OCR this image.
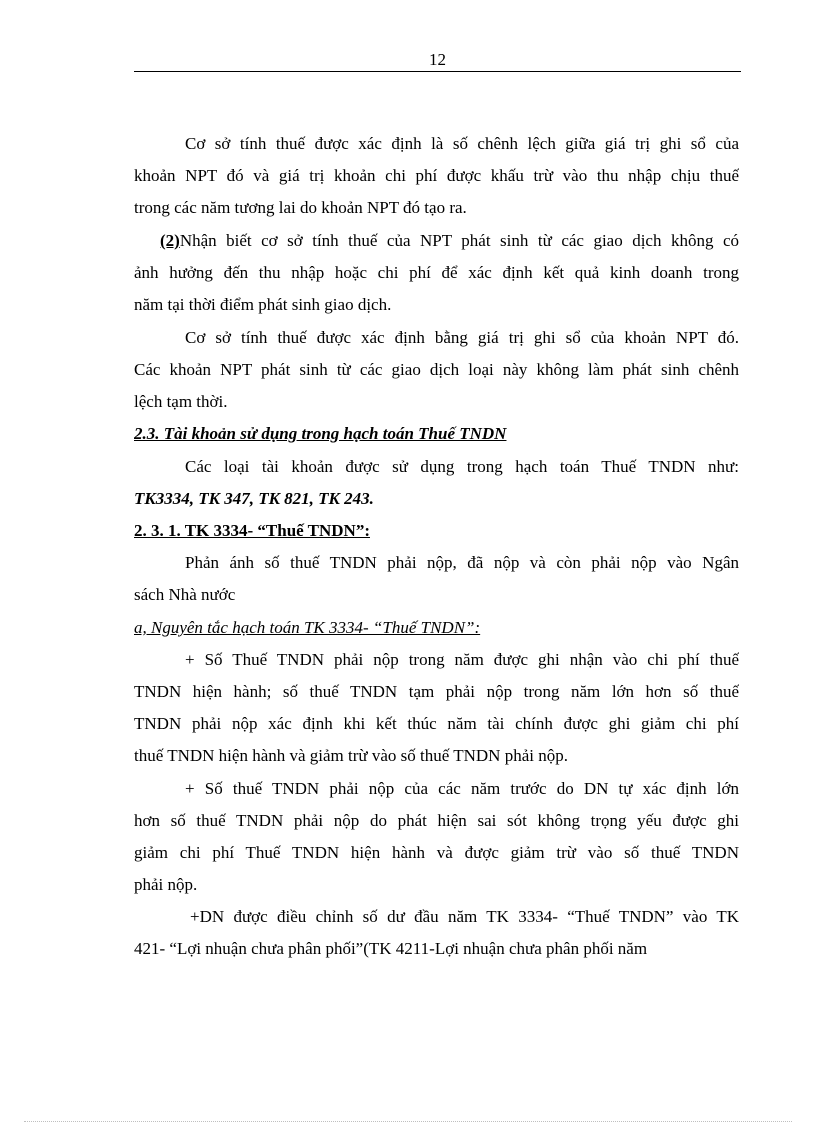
12
Cơ sở tính thuế được xác định là số chênh lệch giữa giá trị ghi sổ của
khoản NPT đó và giá trị khoản chi phí được khấu trừ vào thu nhập chịu thuế
trong các năm tương lai do khoản NPT đó tạo ra.
(2)Nhận biết cơ sở tính thuế của NPT phát sinh từ các giao dịch không có
ảnh hưởng đến thu nhập hoặc chi phí để xác định kết quả kinh doanh trong
năm tại thời điểm phát sinh giao dịch.
Cơ sở tính thuế được xác định bằng giá trị ghi sổ của khoản NPT đó.
Các khoản NPT phát sinh từ các giao dịch loại này không làm phát sinh chênh
lệch tạm thời.
2.3. Tài khoản sử dụng trong hạch toán Thuế TNDN
Các loại tài khoản được sử dụng trong hạch toán Thuế TNDN như:
TK3334, TK 347, TK 821, TK 243.
2. 3. 1. TK 3334- “Thuế TNDN”:
Phản ánh số thuế TNDN phải nộp, đã nộp và còn phải nộp vào Ngân
sách Nhà nước
a, Nguyên tắc hạch toán TK 3334- “Thuế TNDN”:
+ Số Thuế TNDN phải nộp trong năm được ghi nhận vào chi phí thuế
TNDN hiện hành; số thuế TNDN tạm phải nộp trong năm lớn hơn số thuế
TNDN phải nộp xác định khi kết thúc năm tài chính được ghi giảm chi phí
thuế TNDN hiện hành và giảm trừ vào số thuế TNDN phải nộp.
+ Số thuế TNDN phải nộp của các năm trước do DN tự xác định lớn
hơn số thuế TNDN phải nộp do phát hiện sai sót không trọng yếu được ghi
giảm chi phí Thuế TNDN hiện hành và được giảm trừ vào số thuế TNDN
phải nộp.
+DN được điều chỉnh số dư đầu năm TK 3334- “Thuế TNDN” vào TK
421- “Lợi nhuận chưa phân phối”(TK 4211-Lợi nhuận chưa phân phối năm
